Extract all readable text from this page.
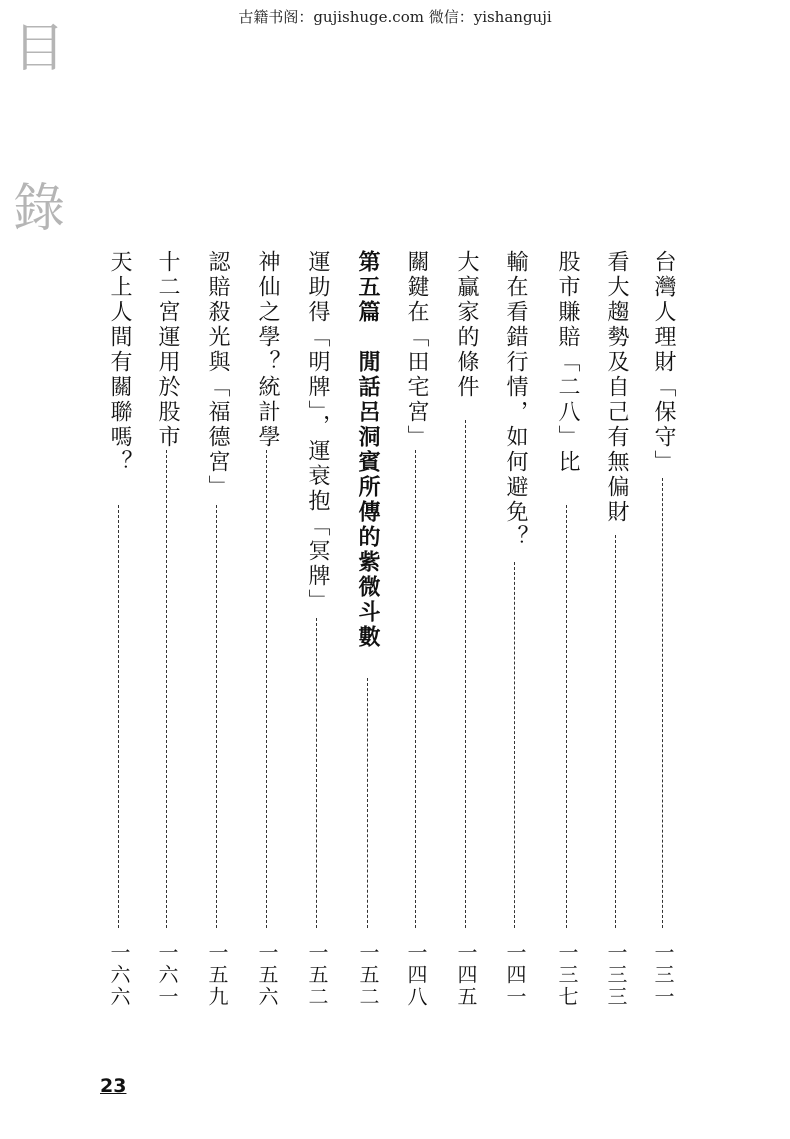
古籍书阁：gujishuge.com 微信：yishanguji
目
錄
台灣人理財「保守」
一三一
看大趨勢及自己有無偏財
一三三
股市賺賠「二八」比
一三七
輸在看錯行情，如何避免？
一四一
大贏家的條件
一四五
關鍵在「田宅宮」
一四八
第五篇　閒話呂洞賓所傳的紫微斗數
一五二
運助得「明牌」，運衰抱「冥牌」
一五二
神仙之學？統計學
一五六
認賠殺光與「福德宮」
一五九
十二宮運用於股市
一六一
天上人間有關聯嗎？
一六六
23
